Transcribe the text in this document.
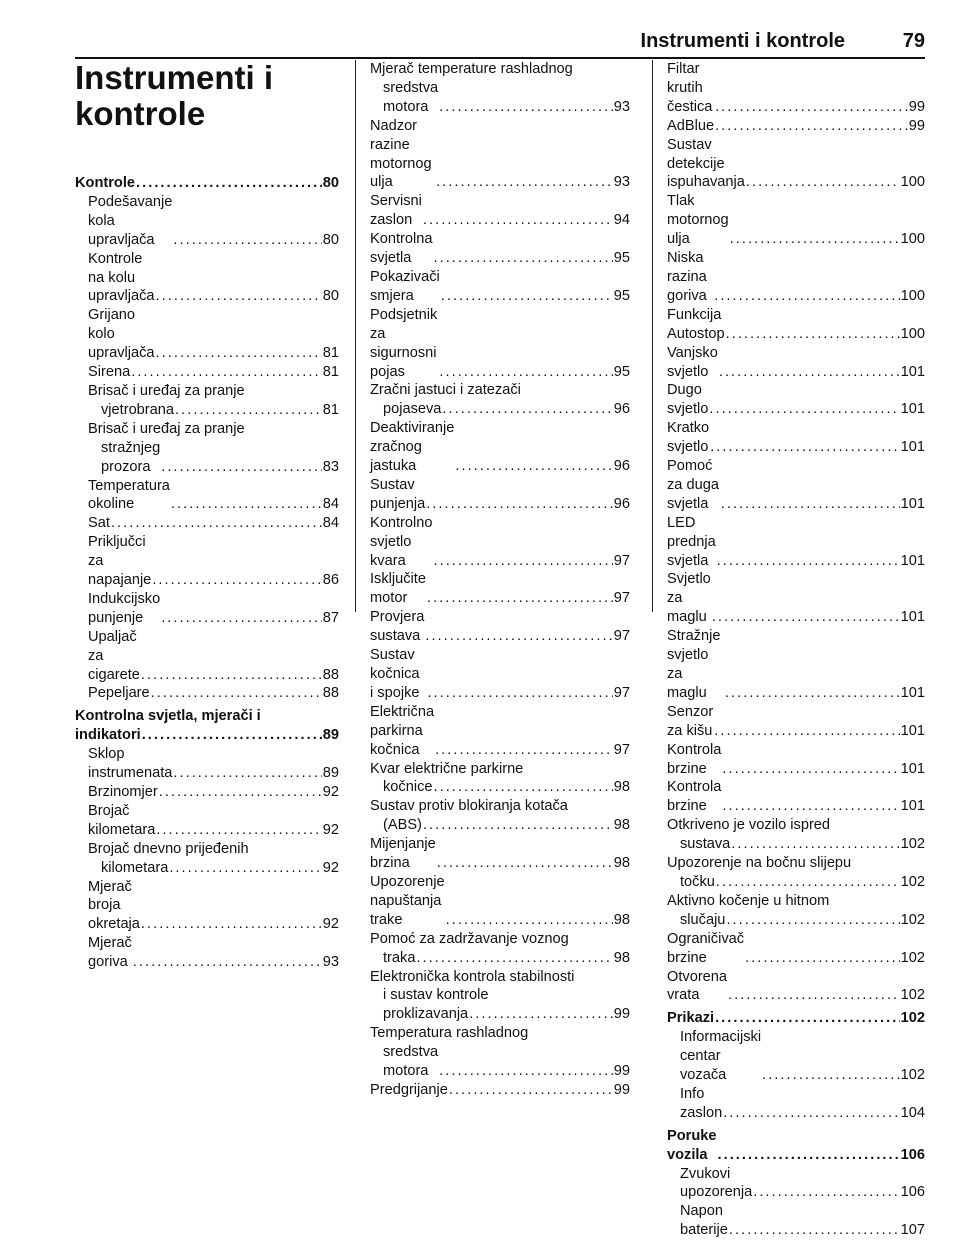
Instrumenti i kontrole	79
Instrumenti i
kontrole
Kontrole . . .	80
Podešavanje kola upravljača . . .	80
Kontrole na kolu upravljača . . .	80
Grijano kolo upravljača . . .	81
Sirena . . .	81
Brisač i uređaj za pranje
vjetrobrana . . .	81
Brisač i uređaj za pranje
stražnjeg prozora . . .	83
Temperatura okoline . . .	84
Sat . . .	84
Priključci za napajanje . . .	86
Indukcijsko punjenje . . .	87
Upaljač za cigarete . . .	88
Pepeljare . . .	88
Kontrolna svjetla, mjerači i
indikatori . . .	89
Sklop instrumenata . . .	89
Brzinomjer . . .	92
Brojač kilometara . . .	92
Brojač dnevno prijeđenih
kilometara . . .	92
Mjerač broja okretaja . . .	92
Mjerač goriva . . .	93
Mjerač temperature rashladnog
sredstva motora . . .	93
Nadzor razine motornog ulja . . .	93
Servisni zaslon . . .	94
Kontrolna svjetla . . .	95
Pokazivači smjera . . .	95
Podsjetnik za sigurnosni pojas . . .	95
Zračni jastuci i zatezači
pojaseva . . .	96
Deaktiviranje zračnog jastuka . . .	96
Sustav punjenja . . .	96
Kontrolno svjetlo kvara . . .	97
Isključite motor . . .	97
Provjera sustava . . .	97
Sustav kočnica i spojke . . .	97
Električna parkirna kočnica . . .	97
Kvar električne parkirne
kočnice . . .	98
Sustav protiv blokiranja kotača
(ABS) . . .	98
Mijenjanje brzina . . .	98
Upozorenje napuštanja trake . . .	98
Pomoć za zadržavanje voznog
traka . . .	98
Elektronička kontrola stabilnosti
i sustav kontrole
proklizavanja . . .	99
Temperatura rashladnog
sredstva motora . . .	99
Predgrijanje . . .	99
Filtar krutih čestica . . .	99
AdBlue . . .	99
Sustav detekcije ispuhavanja . . .	100
Tlak motornog ulja . . .	100
Niska razina goriva . . .	100
Funkcija Autostop . . .	100
Vanjsko svjetlo . . .	101
Dugo svjetlo . . .	101
Kratko svjetlo . . .	101
Pomoć za duga svjetla . . .	101
LED prednja svjetla . . .	101
Svjetlo za maglu . . .	101
Stražnje svjetlo za maglu . . .	101
Senzor za kišu . . .	101
Kontrola brzine . . .	101
Kontrola brzine . . .	101
Otkriveno je vozilo ispred
sustava . . .	102
Upozorenje na bočnu slijepu
točku . . .	102
Aktivno kočenje u hitnom
slučaju . . .	102
Ograničivač brzine . . .	102
Otvorena vrata . . .	102
Prikazi . . .	102
Informacijski centar vozača . . .	102
Info zaslon . . .	104
Poruke vozila . . .	106
Zvukovi upozorenja . . .	106
Napon baterije . . .	107
